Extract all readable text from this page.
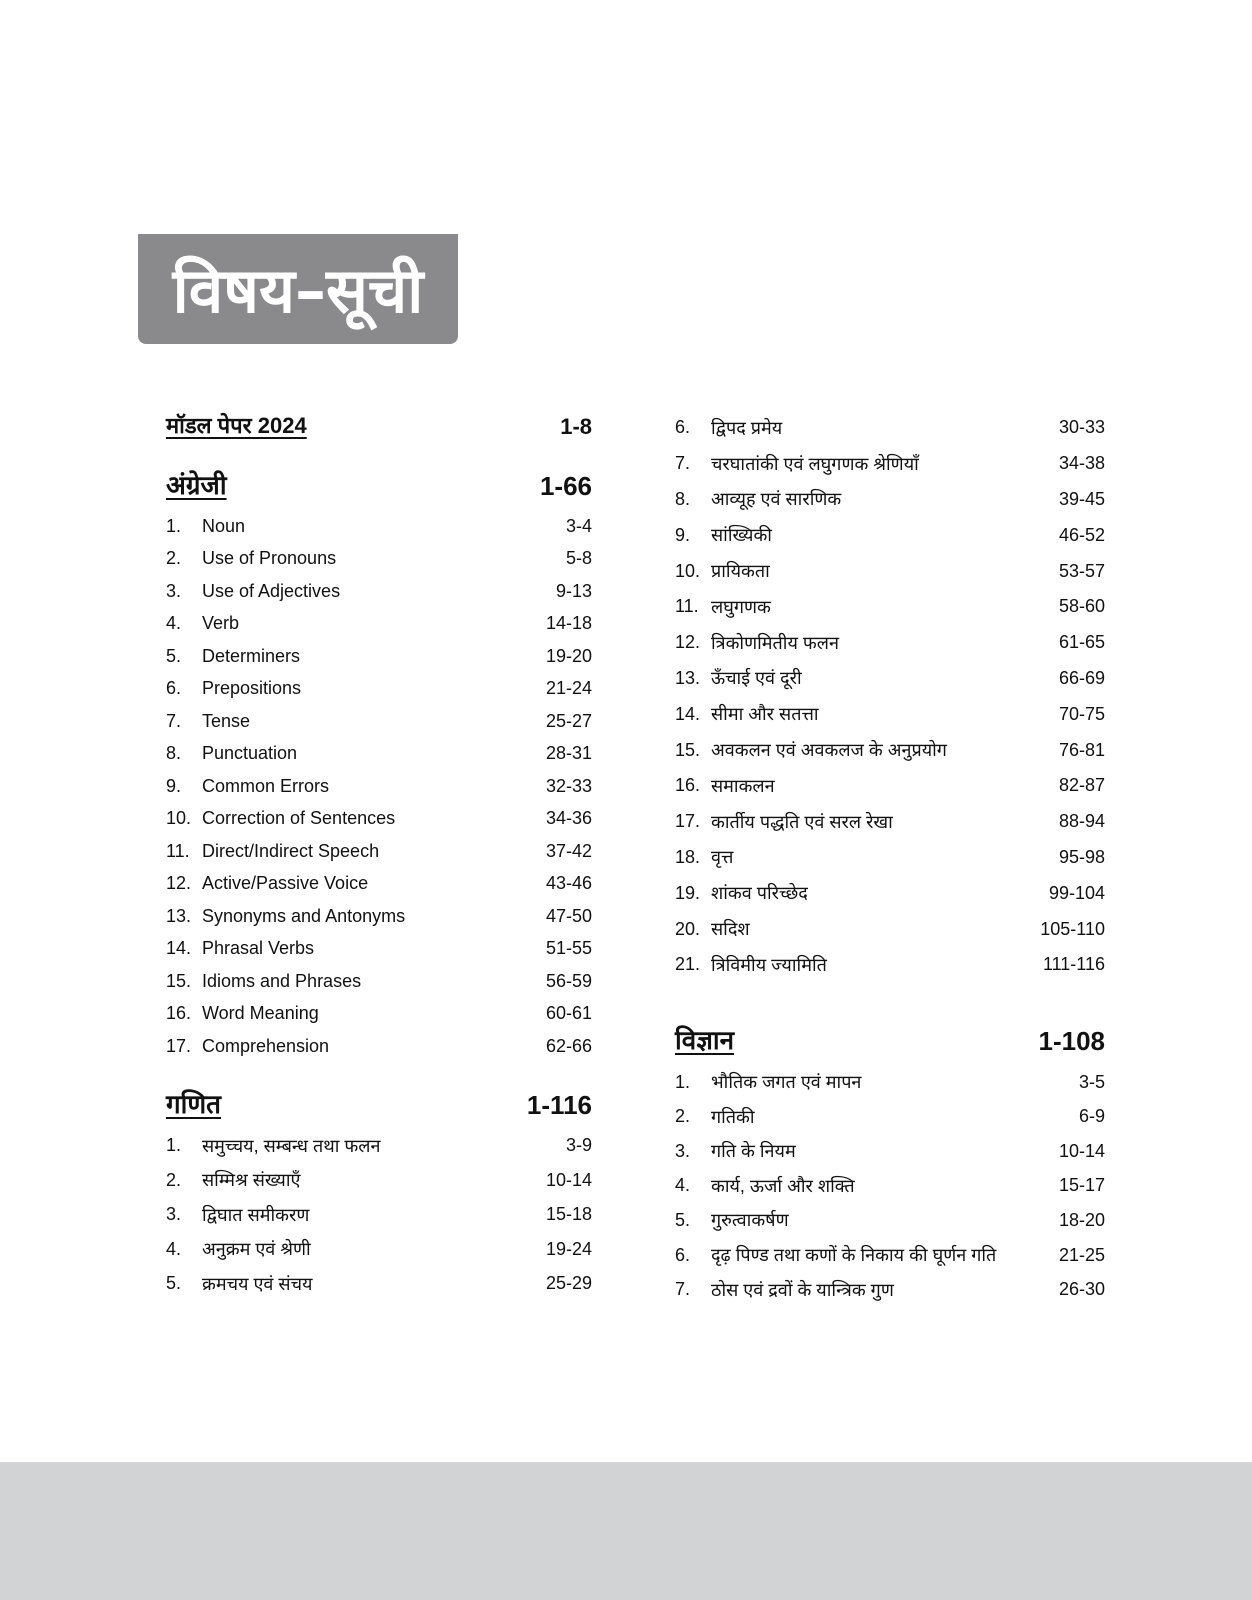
विषय–सूची
मॉडल पेपर 2024	1-8
अंग्रेजी	1-66
1.	Noun	3-4
2.	Use of Pronouns	5-8
3.	Use of Adjectives	9-13
4.	Verb	14-18
5.	Determiners	19-20
6.	Prepositions	21-24
7.	Tense	25-27
8.	Punctuation	28-31
9.	Common Errors	32-33
10. Correction of Sentences	34-36
11. Direct/Indirect Speech	37-42
12. Active/Passive Voice	43-46
13. Synonyms and Antonyms	47-50
14. Phrasal Verbs	51-55
15. Idioms and Phrases	56-59
16. Word Meaning	60-61
17. Comprehension	62-66
गणित	1-116
1.	समुच्चय, सम्बन्ध तथा फलन	3-9
2.	सम्मिश्र संख्याएँ	10-14
3.	द्विघात समीकरण	15-18
4.	अनुक्रम एवं श्रेणी	19-24
5.	क्रमचय एवं संचय	25-29
6.	द्विपद प्रमेय	30-33
7.	चरघातांकी एवं लघुगणक श्रेणियाँ	34-38
8.	आव्यूह एवं सारणिक	39-45
9.	सांख्यिकी	46-52
10. प्रायिकता	53-57
11. लघुगणक	58-60
12. त्रिकोणमितीय फलन	61-65
13. ऊँचाई एवं दूरी	66-69
14. सीमा और सतत्ता	70-75
15. अवकलन एवं अवकलज के अनुप्रयोग	76-81
16. समाकलन	82-87
17. कार्तीय पद्धति एवं सरल रेखा	88-94
18. वृत्त	95-98
19. शांकव परिच्छेद	99-104
20. सदिश	105-110
21. त्रिविमीय ज्यामिति	111-116
विज्ञान	1-108
1.	भौतिक जगत एवं मापन	3-5
2.	गतिकी	6-9
3.	गति के नियम	10-14
4.	कार्य, ऊर्जा और शक्ति	15-17
5.	गुरुत्वाकर्षण	18-20
6.	दृढ़ पिण्ड तथा कणों के निकाय की घूर्णन गति	21-25
7.	ठोस एवं द्रवों के यान्त्रिक गुण	26-30
